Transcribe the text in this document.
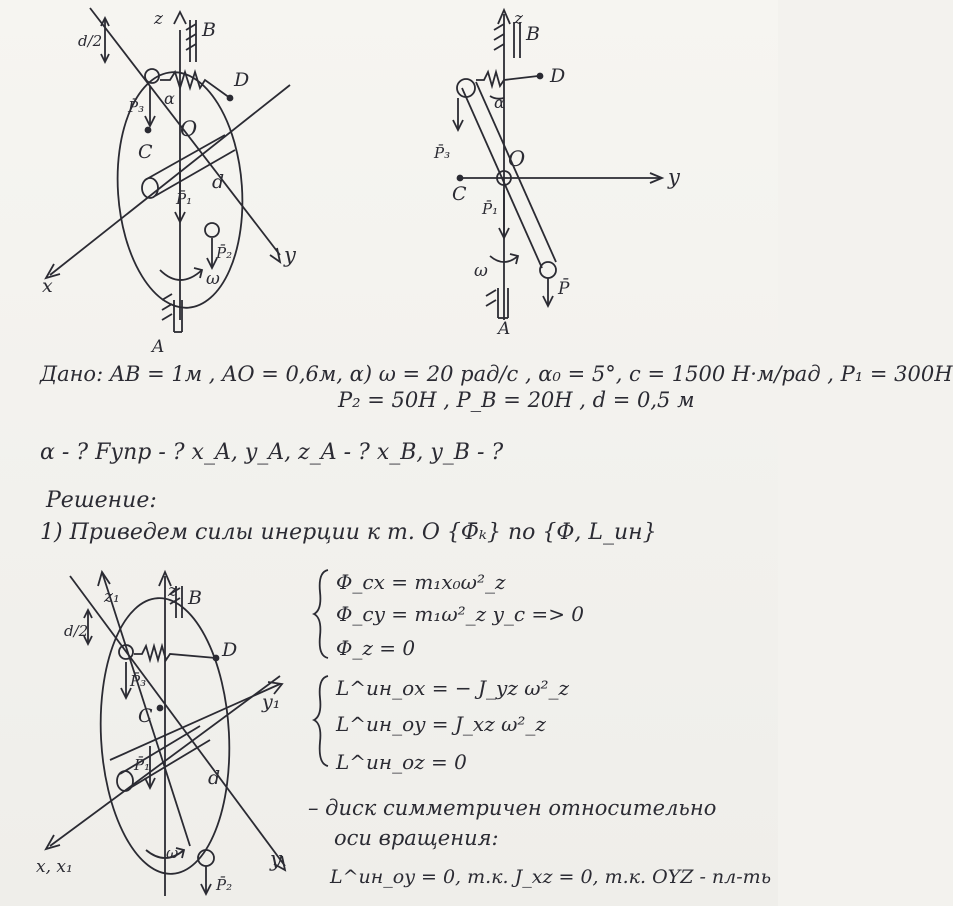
z B
d/2
D
P̄₃ α
O
C
P̄₁
d
P̄₂ y
x	ω
A
z
B
D
α
P̄₃	O
y
C
P̄₁
ω
P̄
A
Дано: AB = 1м , AO = 0,6м, α) ω = 20 рад/с , α₀ = 5°, c = 1500 Н·м/рад , P₁ = 300Н
P₂ = 50Н , P_B = 20Н , d = 0,5 м
α - ? Fупр - ? x_A, y_A, z_A - ? x_B, y_B - ?
Решение:
1) Приведем силы инерции к т. O {Φ̄ₖ} по {Φ, L_ин}
z₁	z B
d/2
D
P̄₃
C
y₁
P̄₁
d
x, x₁
ω
P̄₂
y
Φ_cx = m₁x₀ω²_z
Φ_cy = m₁ω²_z y_c => 0
Φ_z = 0
L^ин_ox = − J_yz ω²_z
L^ин_oy = J_xz ω²_z
L^ин_oz = 0
– диск симметричен относительно
оси вращения:
L^ин_oy = 0, т.к. J_xz = 0, т.к. OYZ - пл-ть
